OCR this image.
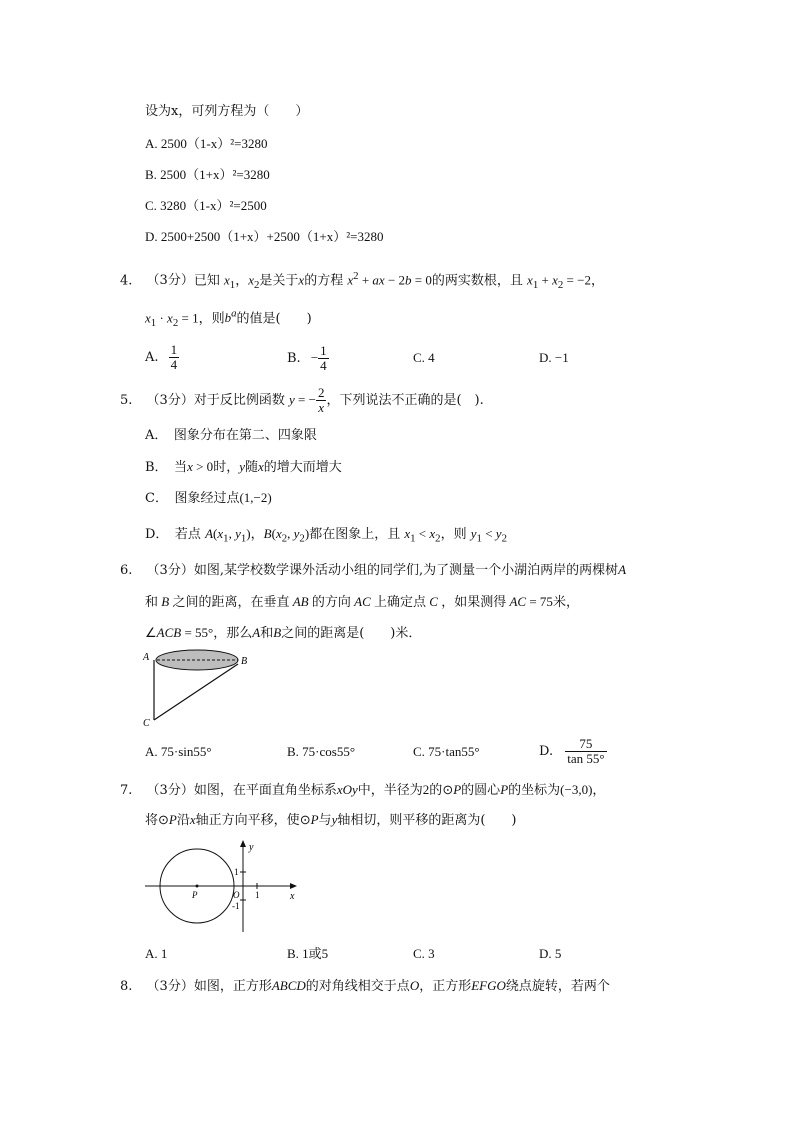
设为x，可列方程为（　　）
A. 2500（1-x）²=3280
B. 2500（1+x）²=3280
C. 3280（1-x）²=2500
D. 2500+2500（1+x）+2500（1+x）²=3280
4. （3分）已知 $x_1$，$x_2$是关于x的方程 $x^2$ + ax − 2b = 0的两实数根，且 $x_1 + x_2 = -2$，
$x_1 \cdot x_2 = 1$，则$b^a$的值是(　　)
A. $\frac{1}{4}$	B. − $\frac{1}{4}$	C. 4	D. −1
5. （3分）对于反比例函数 y = − $\frac{2}{x}$ ，下列说法不正确的是(　).
A．　图象分布在第二、四象限
B．　当x > 0时，y随x的增大而增大
C．　图象经过点(1,−2)
D．　若点 $A(x_1$, $y_1$)，$B(x_2$, $y_2$)都在图象上，且 $x_1 < x_2$，则 $y_1 < y_2$
6. （3分）如图,某学校数学课外活动小组的同学们,为了测量一个小湖泊两岸的两棵树A
和 B 之间的距离，在垂直 AB 的方向 AC 上确定点 C ，如果测得 AC = 75米，
∠ACB = 55°，那么A和B之间的距离是(　　)米．
A	B
C
A. 75·sin55°	B. 75·cos55°	C. 75·tan55°	D. $\frac{75}{\tan 55^\circ}$
7. （3分）如图，在平面直角坐标系xOy中，半径为2的⊙P的圆心P的坐标为(−3,0)，
将⊙P沿x轴正方向平移，使⊙P与y轴相切，则平移的距离为(　　)
y
x
O
P
1
-1
1
A. 1	B. 1或5	C. 3	D. 5
8. （3分）如图，正方形ABCD的对角线相交于点O，正方形EFGO绕点旋转，若两个
